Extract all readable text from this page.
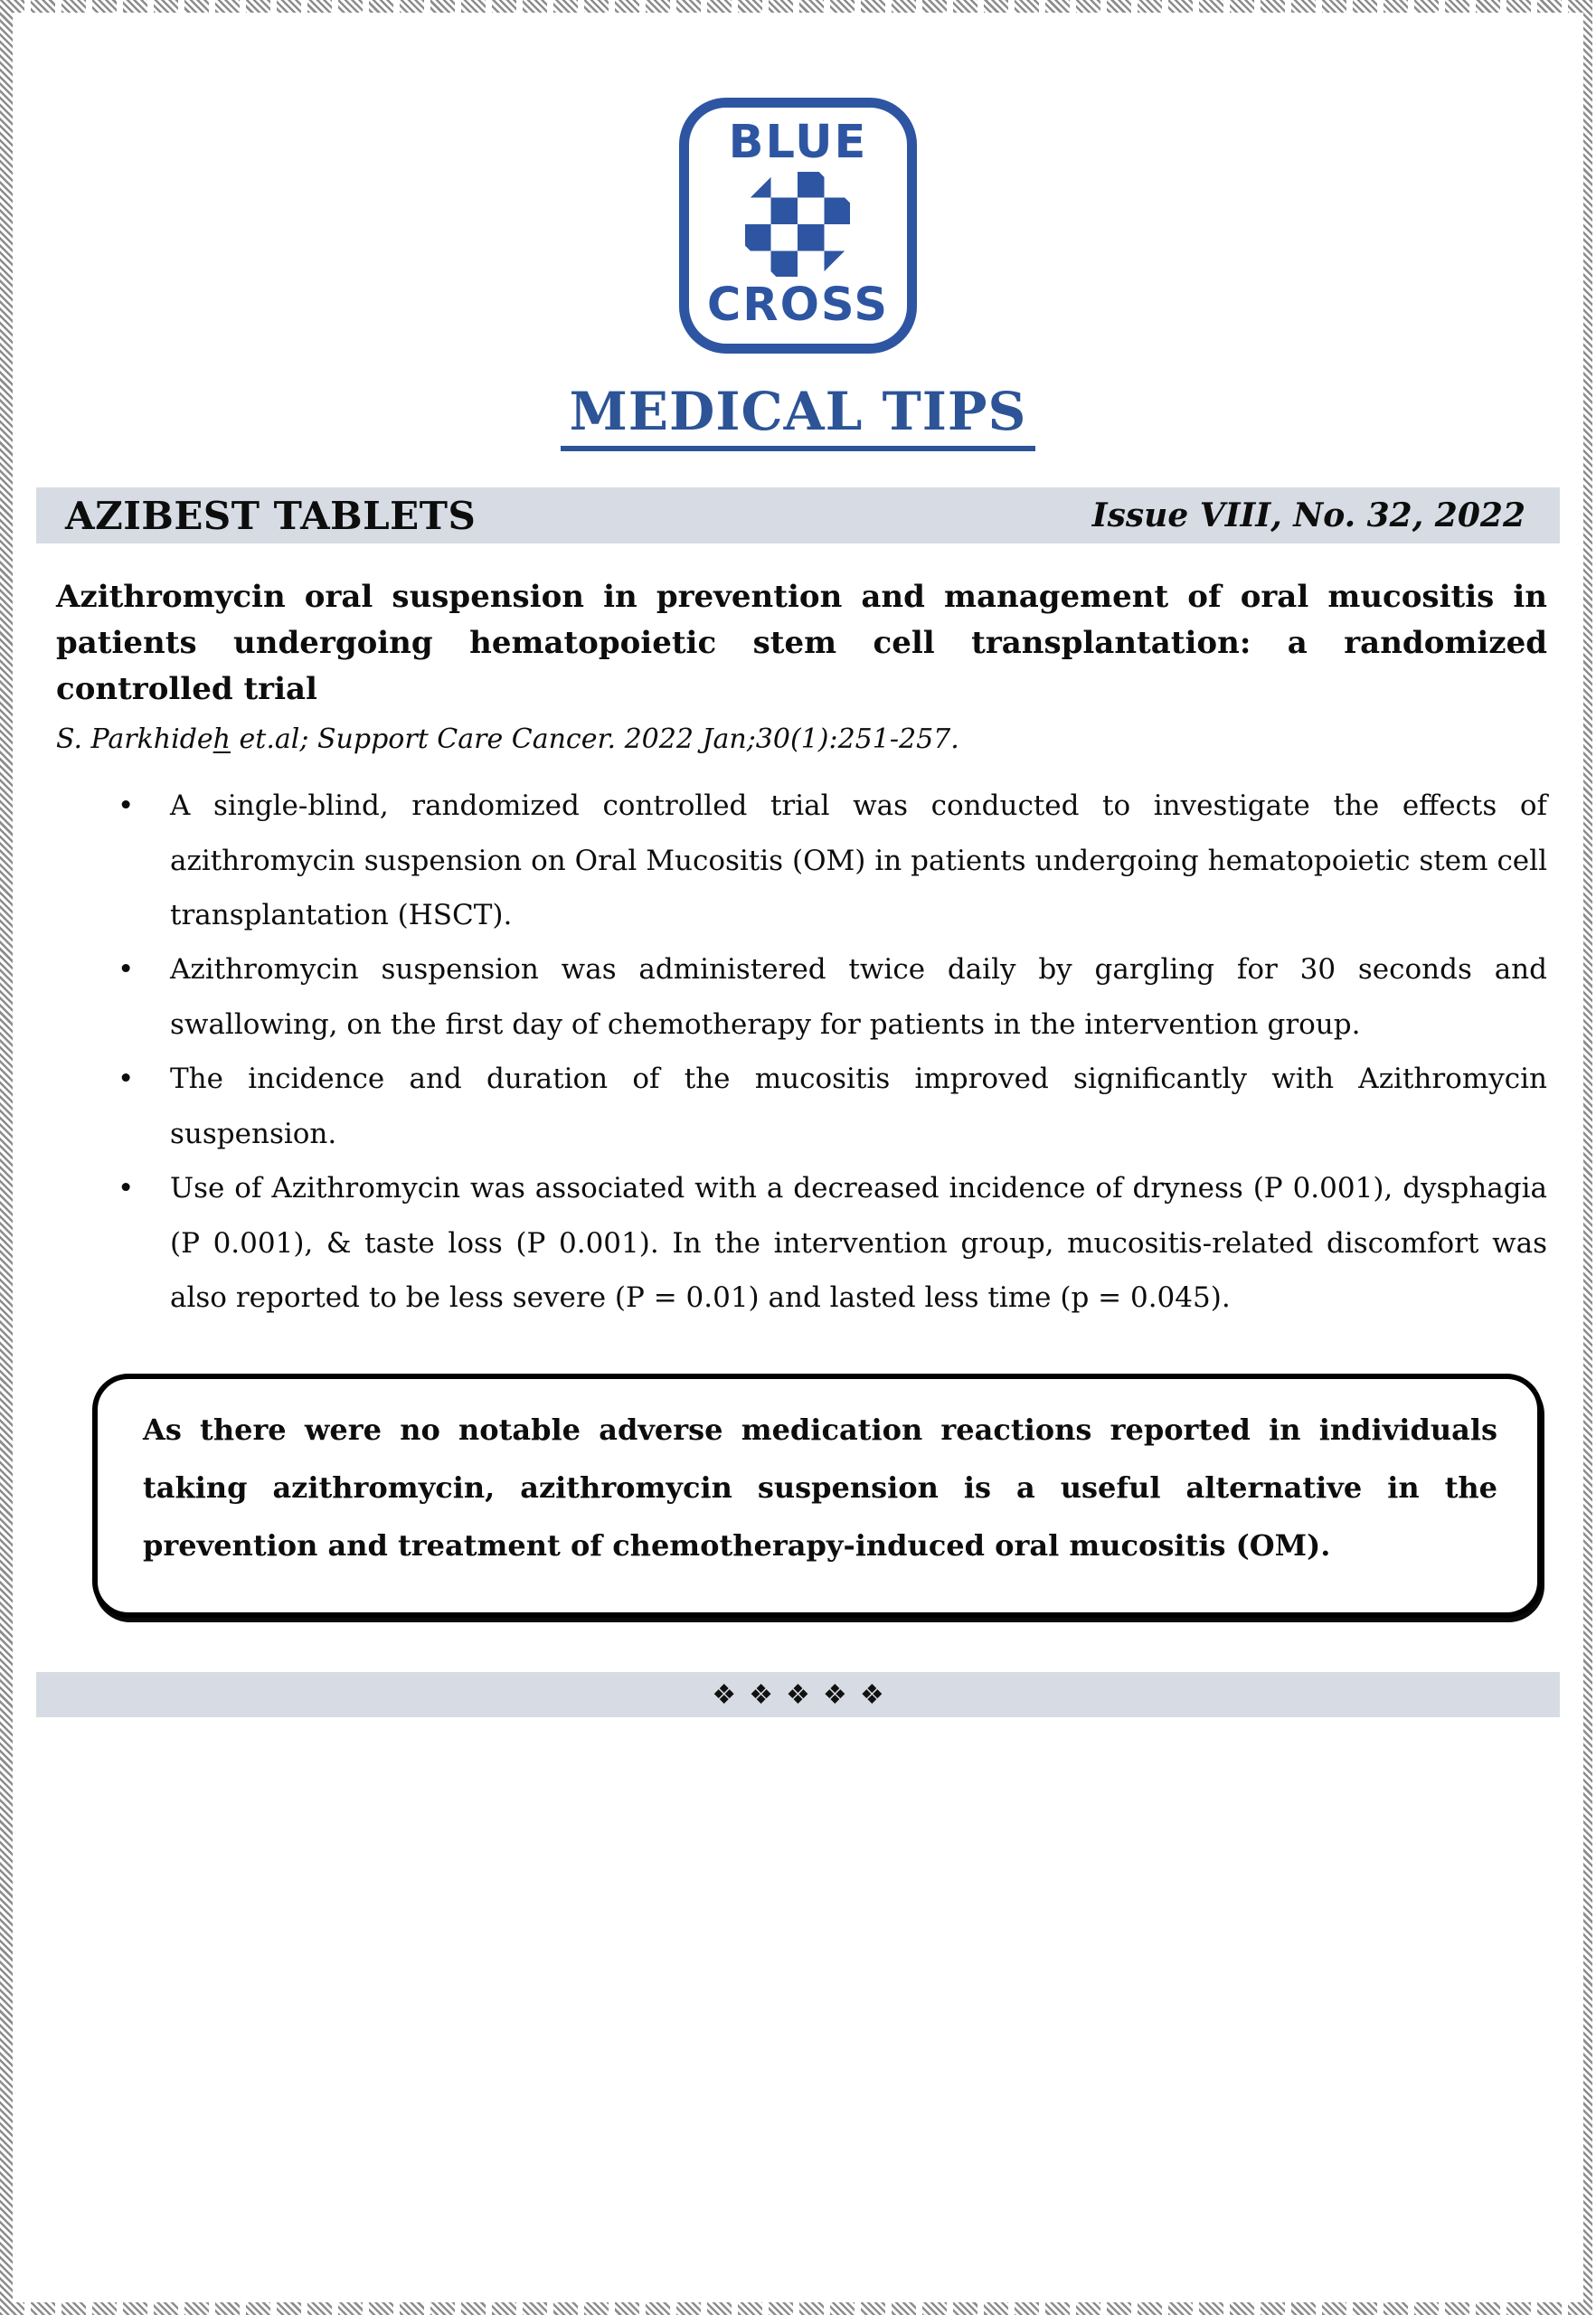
BLUE
CROSS
MEDICAL TIPS
AZIBEST TABLETS	Issue VIII, No. 32, 2022
Azithromycin oral suspension in prevention and management of oral mucositis in patients undergoing hematopoietic stem cell transplantation: a randomized controlled trial
S. Parkhideh et.al; Support Care Cancer. 2022 Jan;30(1):251-257.
• A single-blind, randomized controlled trial was conducted to investigate the effects of azithromycin suspension on Oral Mucositis (OM) in patients undergoing hematopoietic stem cell transplantation (HSCT).
• Azithromycin suspension was administered twice daily by gargling for 30 seconds and swallowing, on the first day of chemotherapy for patients in the intervention group.
• The incidence and duration of the mucositis improved significantly with Azithromycin suspension.
• Use of Azithromycin was associated with a decreased incidence of dryness (P 0.001), dysphagia (P 0.001), & taste loss (P 0.001). In the intervention group, mucositis-related discomfort was also reported to be less severe (P = 0.01) and lasted less time (p = 0.045).

As there were no notable adverse medication reactions reported in individuals taking azithromycin, azithromycin suspension is a useful alternative in the prevention and treatment of chemotherapy-induced oral mucositis (OM).

❖❖❖❖❖
